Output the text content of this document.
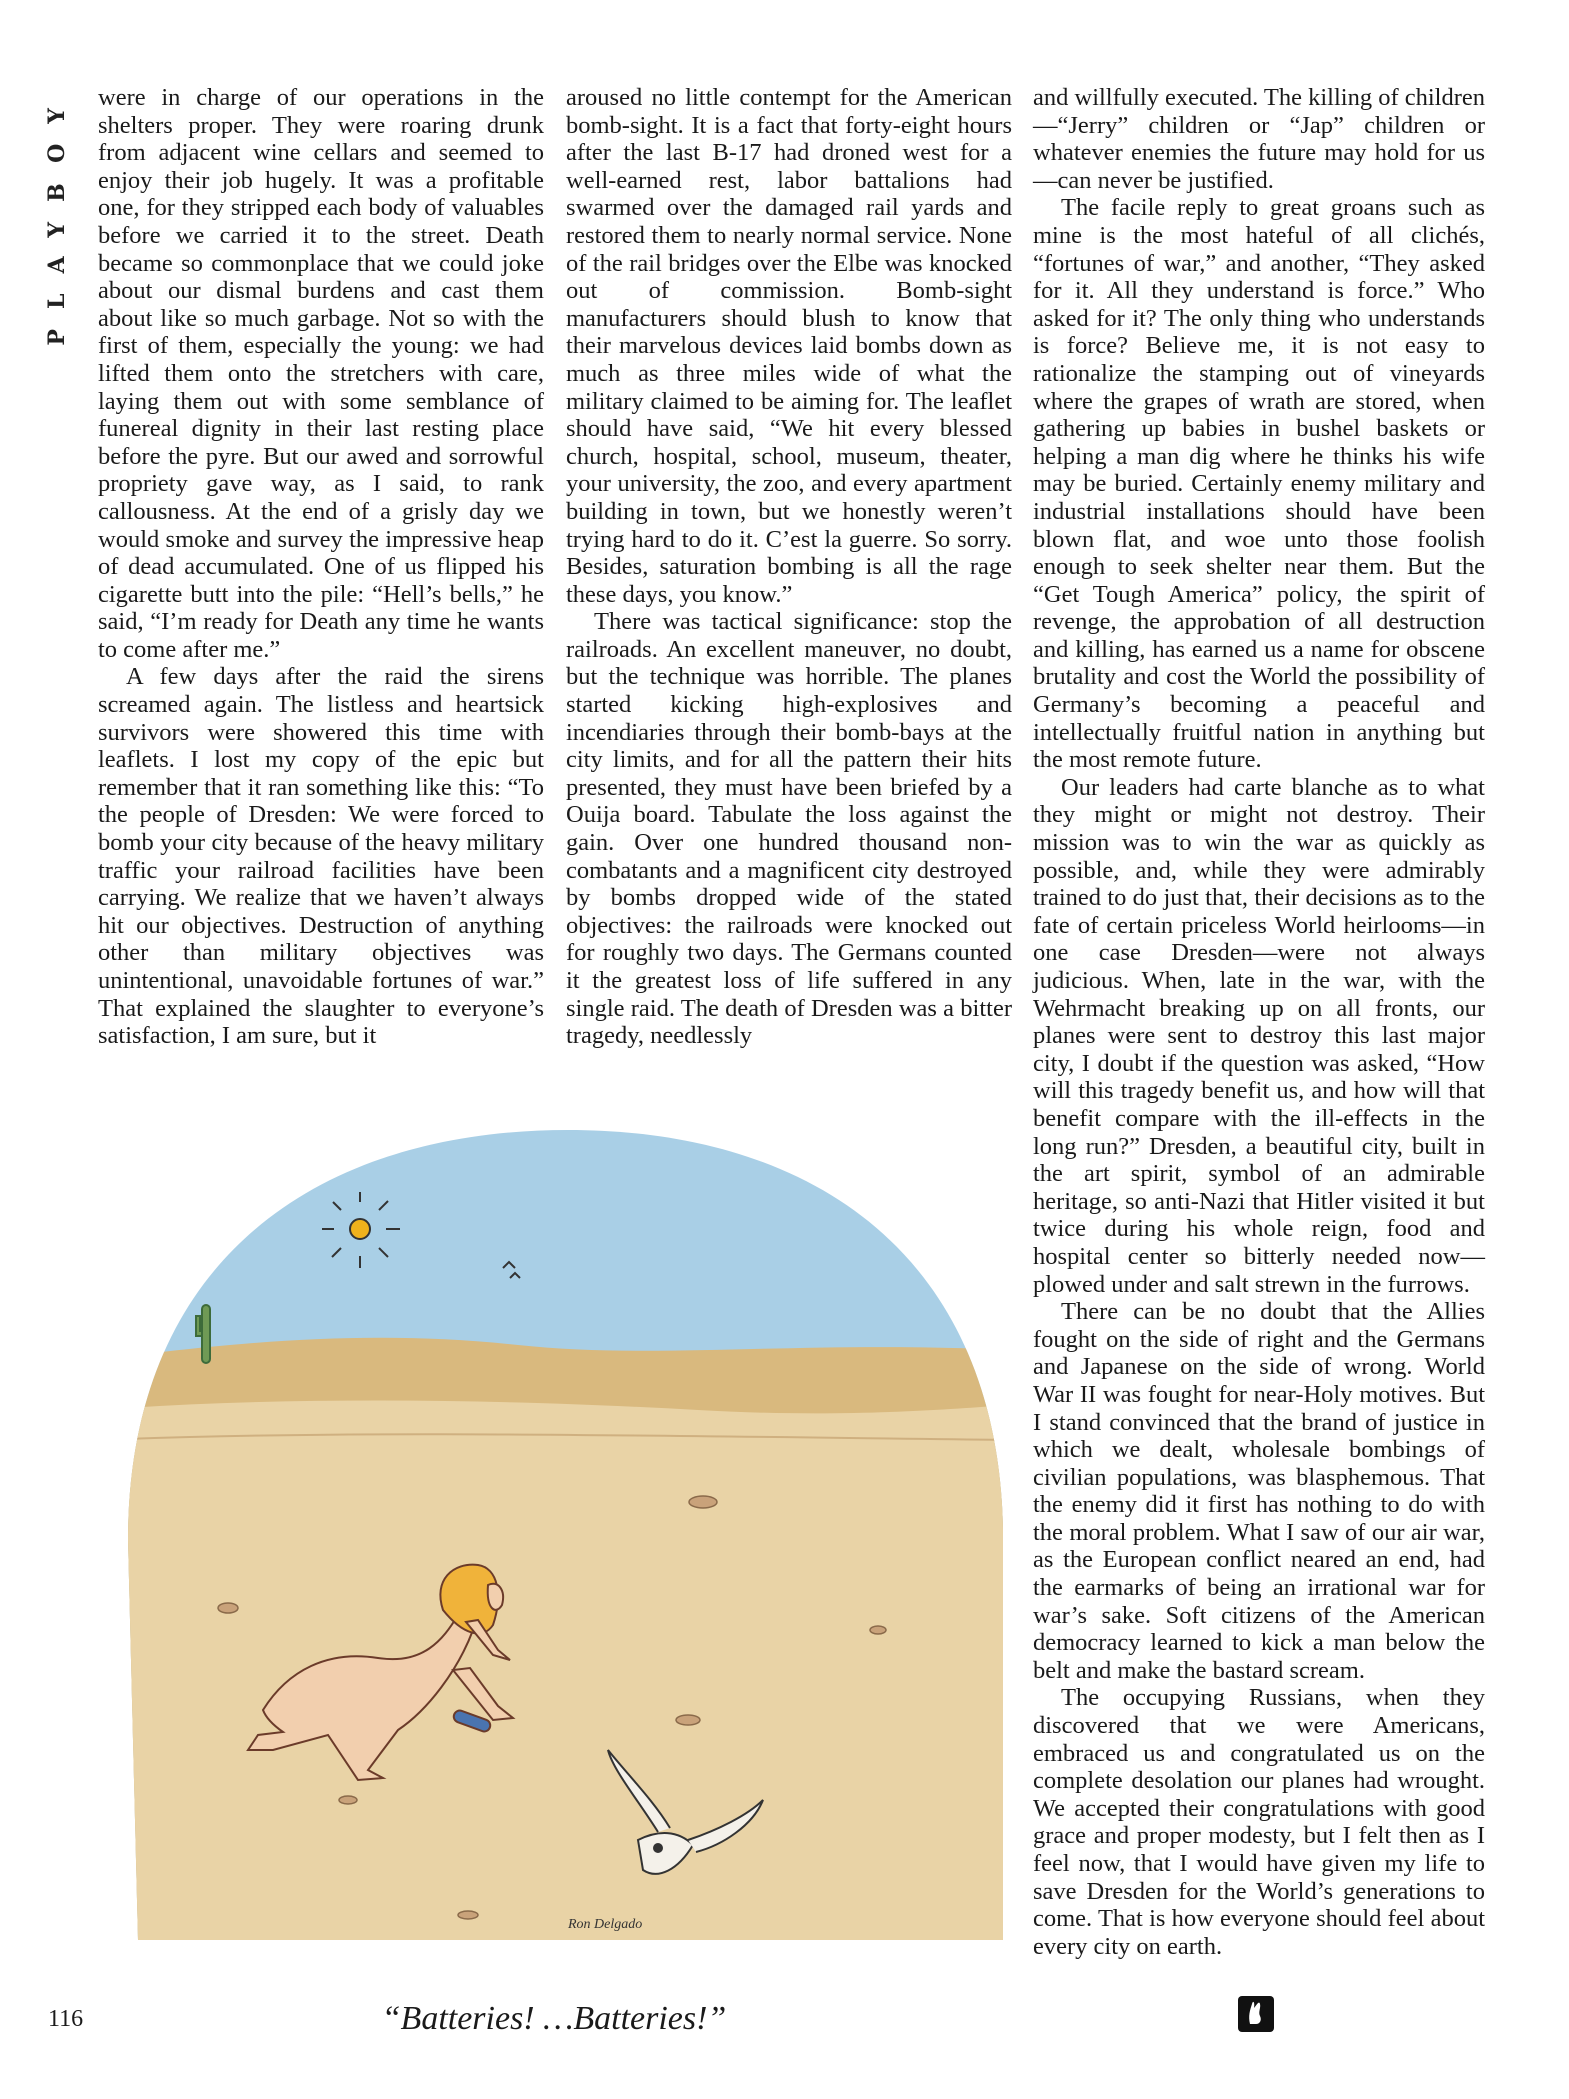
PLAYBOY were in charge of our operations in the shelters proper. They were roaring drunk from adjacent wine cellars and seemed to enjoy their job hugely. It was a profitable one, for they stripped each body of valuables before we carried it to the street. Death became so commonplace that we could joke about our dismal burdens and cast them about like so much garbage. Not so with the first of them, especially the young: we had lifted them onto the stretchers with care, laying them out with some semblance of funereal dignity in their last resting place before the pyre. But our awed and sorrowful propriety gave way, as I said, to rank callousness. At the end of a grisly day we would smoke and survey the impressive heap of dead accumulated. One of us flipped his cigarette butt into the pile: “Hell’s bells,” he said, “I’m ready for Death any time he wants to come after me.”

A few days after the raid the sirens screamed again. The listless and heartsick survivors were showered this time with leaflets. I lost my copy of the epic but remember that it ran something like this: “To the people of Dresden: We were forced to bomb your city because of the heavy military traffic your railroad facilities have been carrying. We realize that we haven’t always hit our objectives. Destruction of anything other than military objectives was unintentional, unavoidable fortunes of war.” That explained the slaughter to everyone’s satisfaction, I am sure, but it

aroused no little contempt for the American bomb-sight. It is a fact that forty-eight hours after the last B-17 had droned west for a well-earned rest, labor battalions had swarmed over the damaged rail yards and restored them to nearly normal service. None of the rail bridges over the Elbe was knocked out of commission. Bomb-sight manufacturers should blush to know that their marvelous devices laid bombs down as much as three miles wide of what the military claimed to be aiming for. The leaflet should have said, “We hit every blessed church, hospital, school, museum, theater, your university, the zoo, and every apartment building in town, but we honestly weren’t trying hard to do it. C’est la guerre. So sorry. Besides, saturation bombing is all the rage these days, you know.”

There was tactical significance: stop the railroads. An excellent maneuver, no doubt, but the technique was horrible. The planes started kicking high-explosives and incendiaries through their bomb-bays at the city limits, and for all the pattern their hits presented, they must have been briefed by a Ouija board. Tabulate the loss against the gain. Over one hundred thousand non-combatants and a magnificent city destroyed by bombs dropped wide of the stated objectives: the railroads were knocked out for roughly two days. The Germans counted it the greatest loss of life suffered in any single raid. The death of Dresden was a bitter tragedy, needlessly

and willfully executed. The killing of children—“Jerry” children or “Jap” children or whatever enemies the future may hold for us—can never be justified.

The facile reply to great groans such as mine is the most hateful of all clichés, “fortunes of war,” and another, “They asked for it. All they understand is force.” Who asked for it? The only thing who understands is force? Believe me, it is not easy to rationalize the stamping out of vineyards where the grapes of wrath are stored, when gathering up babies in bushel baskets or helping a man dig where he thinks his wife may be buried. Certainly enemy military and industrial installations should have been blown flat, and woe unto those foolish enough to seek shelter near them. But the “Get Tough America” policy, the spirit of revenge, the approbation of all destruction and killing, has earned us a name for obscene brutality and cost the World the possibility of Germany’s becoming a peaceful and intellectually fruitful nation in anything but the most remote future.

Our leaders had carte blanche as to what they might or might not destroy. Their mission was to win the war as quickly as possible, and, while they were admirably trained to do just that, their decisions as to the fate of certain priceless World heirlooms—in one case Dresden—were not always judicious. When, late in the war, with the Wehrmacht breaking up on all fronts, our planes were sent to destroy this last major city, I doubt if the question was asked, “How will this tragedy benefit us, and how will that benefit compare with the ill-effects in the long run?” Dresden, a beautiful city, built in the art spirit, symbol of an admirable heritage, so anti-Nazi that Hitler visited it but twice during his whole reign, food and hospital center so bitterly needed now—plowed under and salt strewn in the furrows.

There can be no doubt that the Allies fought on the side of right and the Germans and Japanese on the side of wrong. World War II was fought for near-Holy motives. But I stand convinced that the brand of justice in which we dealt, wholesale bombings of civilian populations, was blasphemous. That the enemy did it first has nothing to do with the moral problem. What I saw of our air war, as the European conflict neared an end, had the earmarks of being an irrational war for war’s sake. Soft citizens of the American democracy learned to kick a man below the belt and make the bastard scream.

The occupying Russians, when they discovered that we were Americans, embraced us and congratulated us on the complete desolation our planes had wrought. We accepted their congratulations with good grace and proper modesty, but I felt then as I feel now, that I would have given my life to save Dresden for the World’s generations to come. That is how everyone should feel about every city on earth.

Ron Delgado
“Batteries! …Batteries!”
116
